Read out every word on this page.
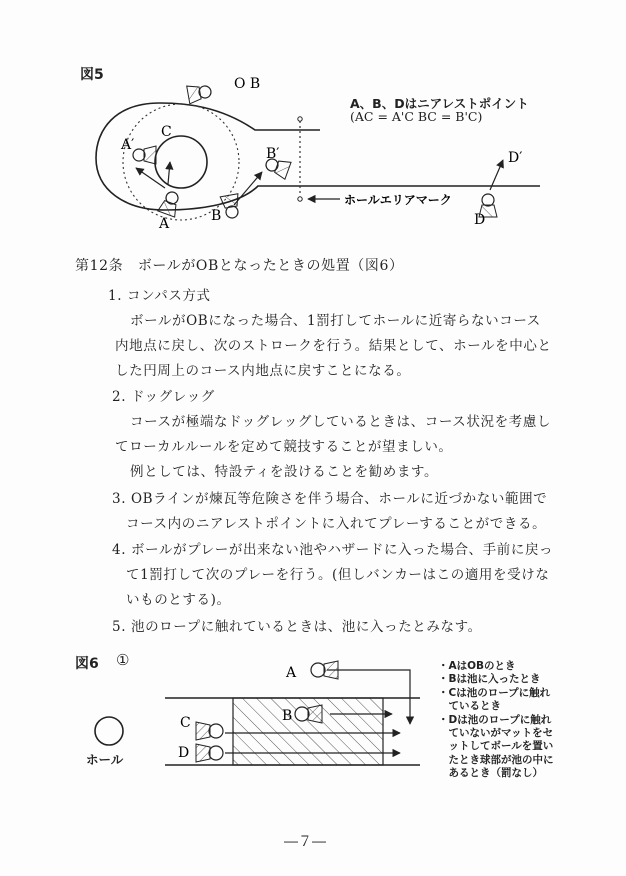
図5
O B
A′
C
B′
A	B
D′
D
ホールエリアマーク
A、B、Dはニアレストポイント
(AC = A'C BC = B'C)
第12条　ボールがOBとなったときの処置（図6）
1. コンパス方式
ボールがOBになった場合、1罰打してホールに近寄らないコース
内地点に戻し、次のストロークを行う。結果として、ホールを中心と
した円周上のコース内地点に戻すことになる。
2. ドッグレッグ
コースが極端なドッグレッグしているときは、コース状況を考慮し
てローカルルールを定めて競技することが望ましい。
例としては、特設ティを設けることを勧めます。
3. OBラインが煉瓦等危険さを伴う場合、ホールに近づかない範囲で
コース内のニアレストポイントに入れてプレーすることができる。
4. ボールがプレーが出来ない池やハザードに入った場合、手前に戻っ
て1罰打して次のプレーを行う。(但しバンカーはこの適用を受けな
いものとする)。
5. 池のロープに触れているときは、池に入ったとみなす。
図6 ①
A
B
C
D
ホール
・AはOBのとき
・Bは池に入ったとき
・Cは池のロープに触れ
　ているとき
・Dは池のロープに触れ
　ていないがマットをセ
　ットしてボールを置い
　たとき球部が池の中に
　あるとき（罰なし）
―７―
